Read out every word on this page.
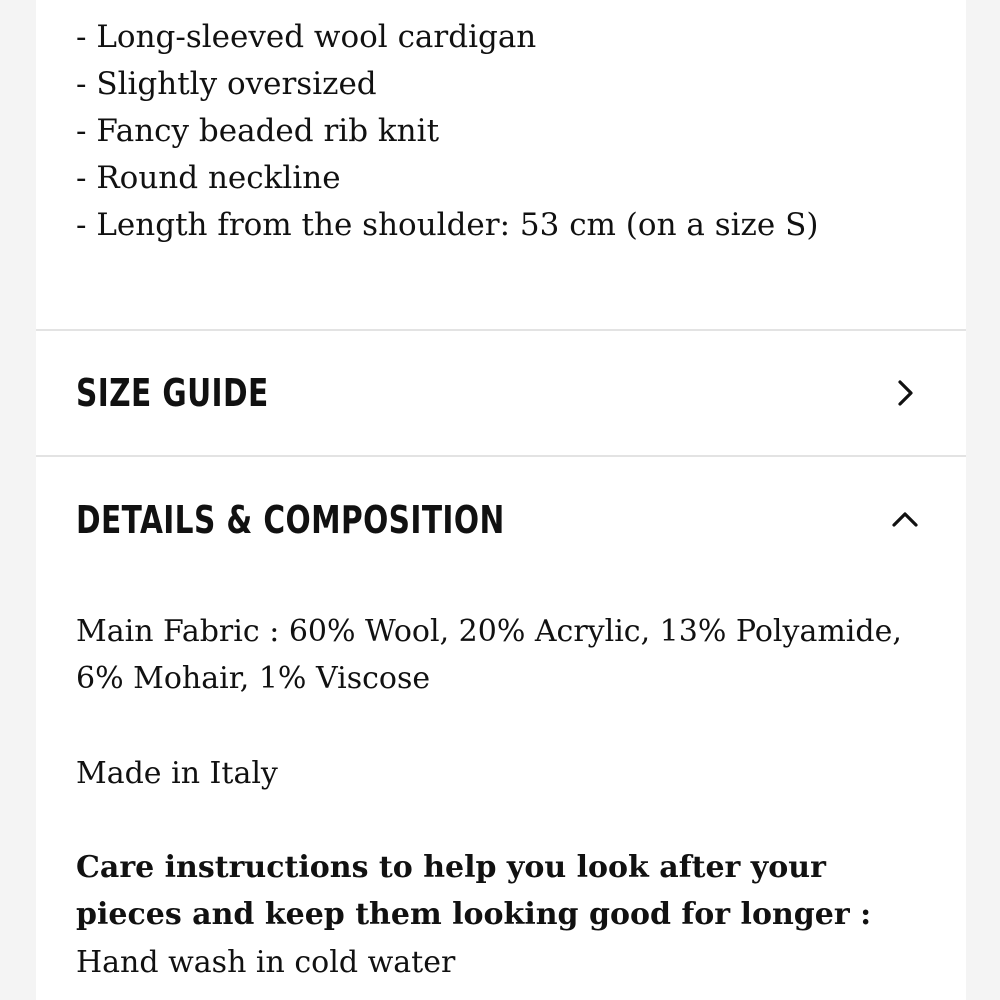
- Long-sleeved wool cardigan
- Slightly oversized
- Fancy beaded rib knit
- Round neckline
- Length from the shoulder: 53 cm (on a size S)
SIZE GUIDE
DETAILS & COMPOSITION

Main Fabric : 60% Wool, 20% Acrylic, 13% Polyamide, 6% Mohair, 1% Viscose

Made in Italy

Care instructions to help you look after your pieces and keep them looking good for longer :

Hand wash in cold water
